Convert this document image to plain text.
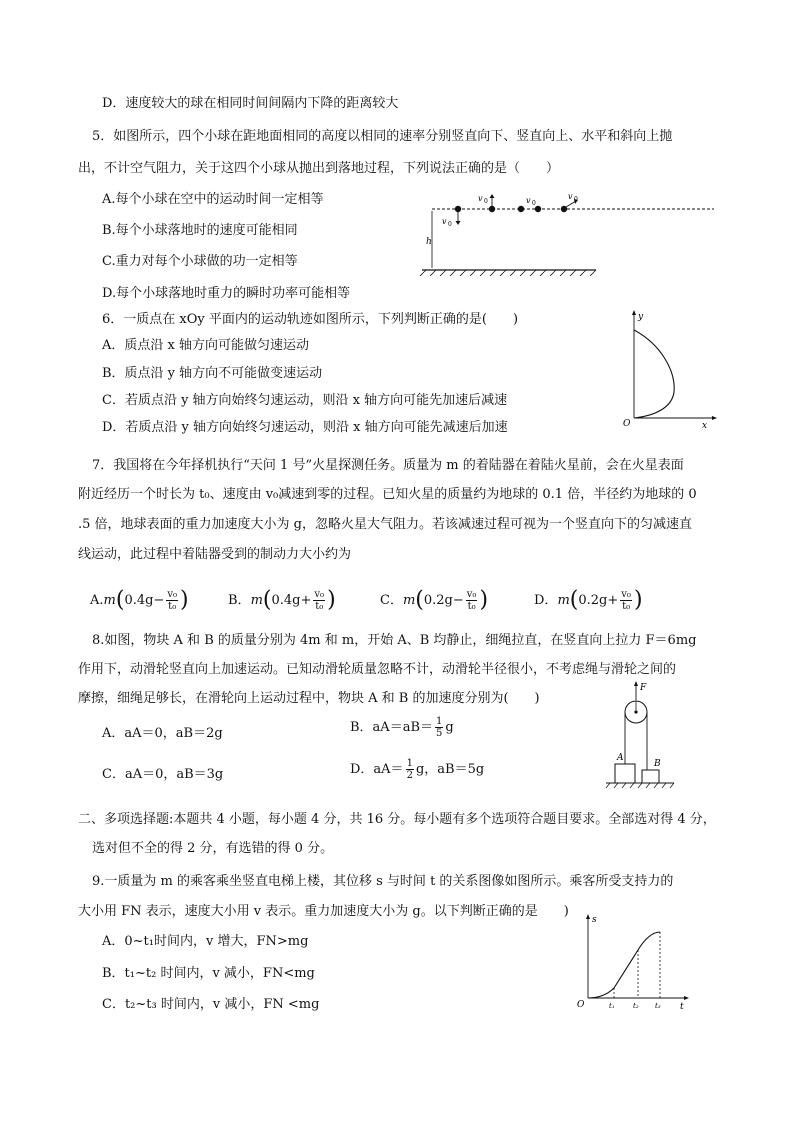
D．速度较大的球在相同时间间隔内下降的距离较大
5．如图所示，四个小球在距地面相同的高度以相同的速率分别竖直向下、竖直向上、水平和斜向上抛
出，不计空气阻力，关于这四个小球从抛出到落地过程，下列说法正确的是（　　）
A.每个小球在空中的运动时间一定相等
B.每个小球落地时的速度可能相同
C.重力对每个小球做的功一定相等
D.每个小球落地时重力的瞬时功率可能相等
h
v 0
v 0	v 0
v 0
6．一质点在 xOy 平面内的运动轨迹如图所示，下列判断正确的是(　　)
A．质点沿 x 轴方向可能做匀速运动
B．质点沿 y 轴方向不可能做变速运动
C．若质点沿 y 轴方向始终匀速运动，则沿 x 轴方向可能先加速后减速
D．若质点沿 y 轴方向始终匀速运动，则沿 x 轴方向可能先减速后加速
y
x
O
7．我国将在今年择机执行“天问 1 号”火星探测任务。质量为 m 的着陆器在着陆火星前，会在火星表面
附近经历一个时长为 t₀、速度由 v₀减速到零的过程。已知火星的质量约为地球的 0.1 倍，半径约为地球的 0
.5 倍，地球表面的重力加速度大小为 g，忽略火星大气阻力。若该减速过程可视为一个竖直向下的匀减速直
线运动，此过程中着陆器受到的制动力大小约为
$A.m(0.4g- \frac{\text{v₀}}{\text{t₀}}$ )	B．$m(0.4g+ \frac{\text{v₀}}{\text{t₀}}$ )	C．$m(0.2g- \frac{\text{v₀}}{\text{t₀}}$ )	D．$m(0.2g+ \frac{\text{v₀}}{\text{t₀}}$ )
8.如图，物块 A 和 B 的质量分别为 4m 和 m，开始 A、B 均静止，细绳拉直，在竖直向上拉力 F＝6mg
作用下，动滑轮竖直向上加速运动。已知动滑轮质量忽略不计，动滑轮半径很小，不考虑绳与滑轮之间的
摩擦，细绳足够长，在滑轮向上运动过程中，物块 A 和 B 的加速度分别为(　　)
A．aA＝0，aB＝2g	B．$aA=aB= \frac{1}{5}$ g
C．aA＝0，aB＝3g	D．$aA= \frac{1}{2}$ g，aB＝5g
F
A
B
二、多项选择题:本题共 4 小题，每小题 4 分，共 16 分。每小题有多个选项符合题目要求。全部选对得 4 分，
选对但不全的得 2 分，有选错的得 0 分。
9.一质量为 m 的乘客乘坐竖直电梯上楼，其位移 s 与时间 t 的关系图像如图所示。乘客所受支持力的
大小用 FN 表示，速度大小用 v 表示。重力加速度大小为 g。以下判断正确的是　　)
A．0~t₁时间内，v 增大，FN>mg
B．t₁~t₂ 时间内，v 减小，FN<mg
C．t₂~t₃ 时间内，v 减小，FN <mg
s
t
O	t₁	t₂ t₃
